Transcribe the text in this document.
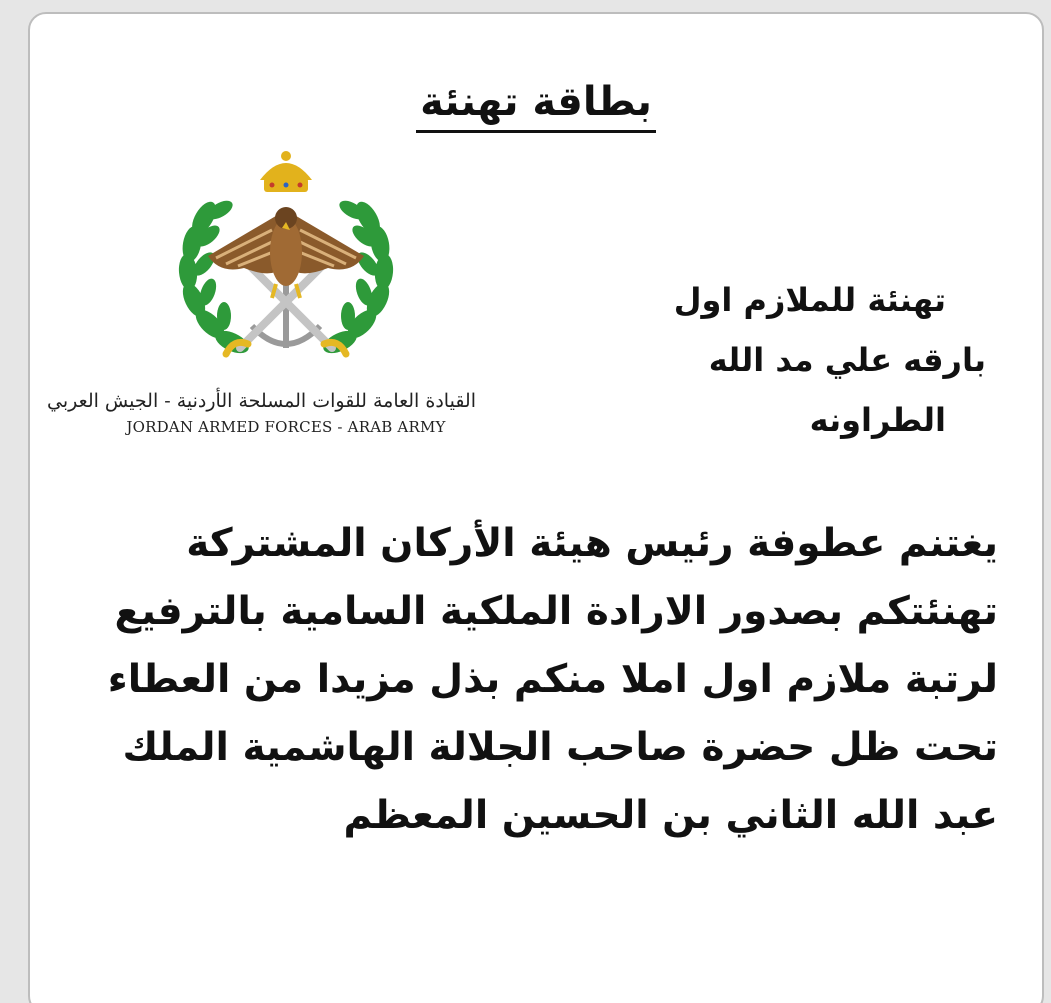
بطاقة تهنئة
القيادة العامة للقوات المسلحة الأردنية - الجيش العربي
JORDAN ARMED FORCES - ARAB ARMY
تهنئة للملازم اول
بارقه علي مد الله
الطراونه
يغتنم عطوفة رئيس هيئة الأركان المشتركة
تهنئتكم بصدور الارادة الملكية السامية بالترفيع
لرتبة ملازم اول املا منكم بذل مزيدا من العطاء
تحت ظل حضرة صاحب الجلالة الهاشمية الملك
عبد الله الثاني بن الحسين المعظم
